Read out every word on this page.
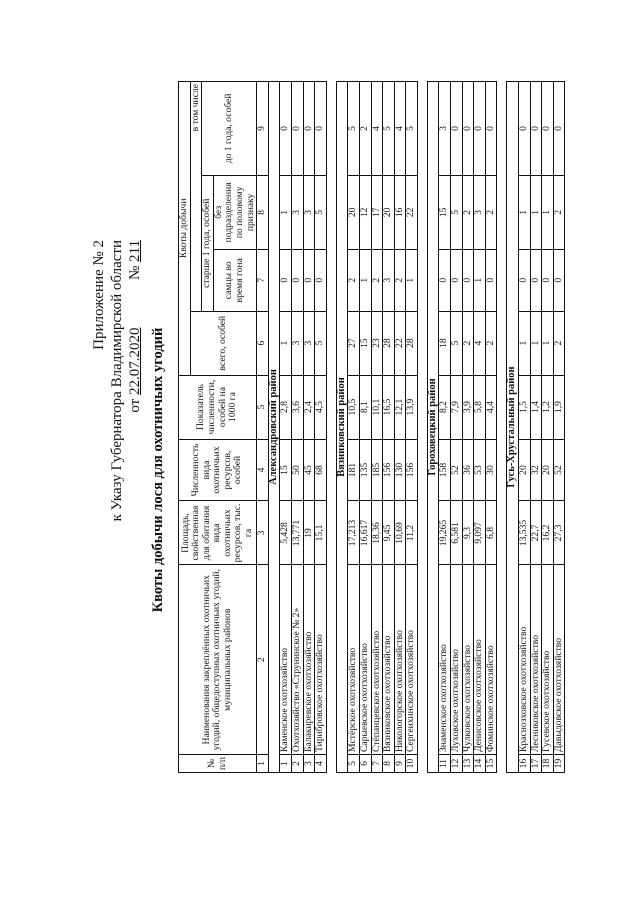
Приложение № 2 к Указу Губернатора Владимирской области от 22.07.2020  № 211
Квоты добычи лося для охотничьих угодий
№ п/п	Наименования закреплённых охотничьих угодий, общедоступных охотничьих угодий, муниципальных районов	Площадь, свойственная для обитания вида охотничьих ресурсов, тыс. га	Численность вида охотничьих ресурсов, особей	Показатель численности, особей на 1000 га	Квоты добычи			
					всего, особей	в том числе		
						старше 1 года, особей		до 1 года, особей
						самцы во время гона	без подразделения по половому признаку	
1	2	3	4	5	6	7	8	9
Александровский район								
1	Каменское охотхозяйство	5,428	15	2,8	1	0	1	0
2	Охотхозяйство «Струнинское № 2»	13,771	50	3,6	3	0	3	0
3	Балакиревское охотхозяйство	19	45	2,4	3	0	3	0
4	Тирибровское охотхозяйство	15,1	68	4,5	5	0	5	0

Вязниковский район								
5	Мстёрское охотхозяйство	17,213	181	10,5	27	2	20	5
6	Сарыевское охотхозяйство	16,617	135	8,1	15	1	12	2
7	Стёпанцевское охотхозяйство	18,36	185	10,1	23	2	17	4
8	Вязниковское охотхозяйство	9,45	156	16,5	28	3	20	5
9	Никологорское охотхозяйство	10,69	130	12,1	22	2	16	4
10	Сергеихинское охотхозяйство	11,2	156	13,9	28	1	22	5

Гороховецкий район								
11	Знаменское охотхозяйство	19,265	158	8,2	18	0	15	3
12	Луховское охотхозяйство	6,581	52	7,9	5	0	5	0
13	Чулковское охотхозяйство	9,3	36	3,9	2	0	2	0
14	Денисовское охотхозяйство	9,097	53	5,8	4	1	3	0
15	Фоминское охотхозяйство	6,8	30	4,4	2	0	2	0

Гусь-Хрустальный район								
16	Краснозховское охотхозяйство	13,535	20	1,5	1	0	1	0
17	Лесниковское охотхозяйство	22,7	32	1,4	1	0	1	0
18	Гусевское охотхозяйство	16,2	20	1,2	1	0	1	0
19	Давыдовское охотхозяйство	27,3	52	1,9	2	0	2	0
